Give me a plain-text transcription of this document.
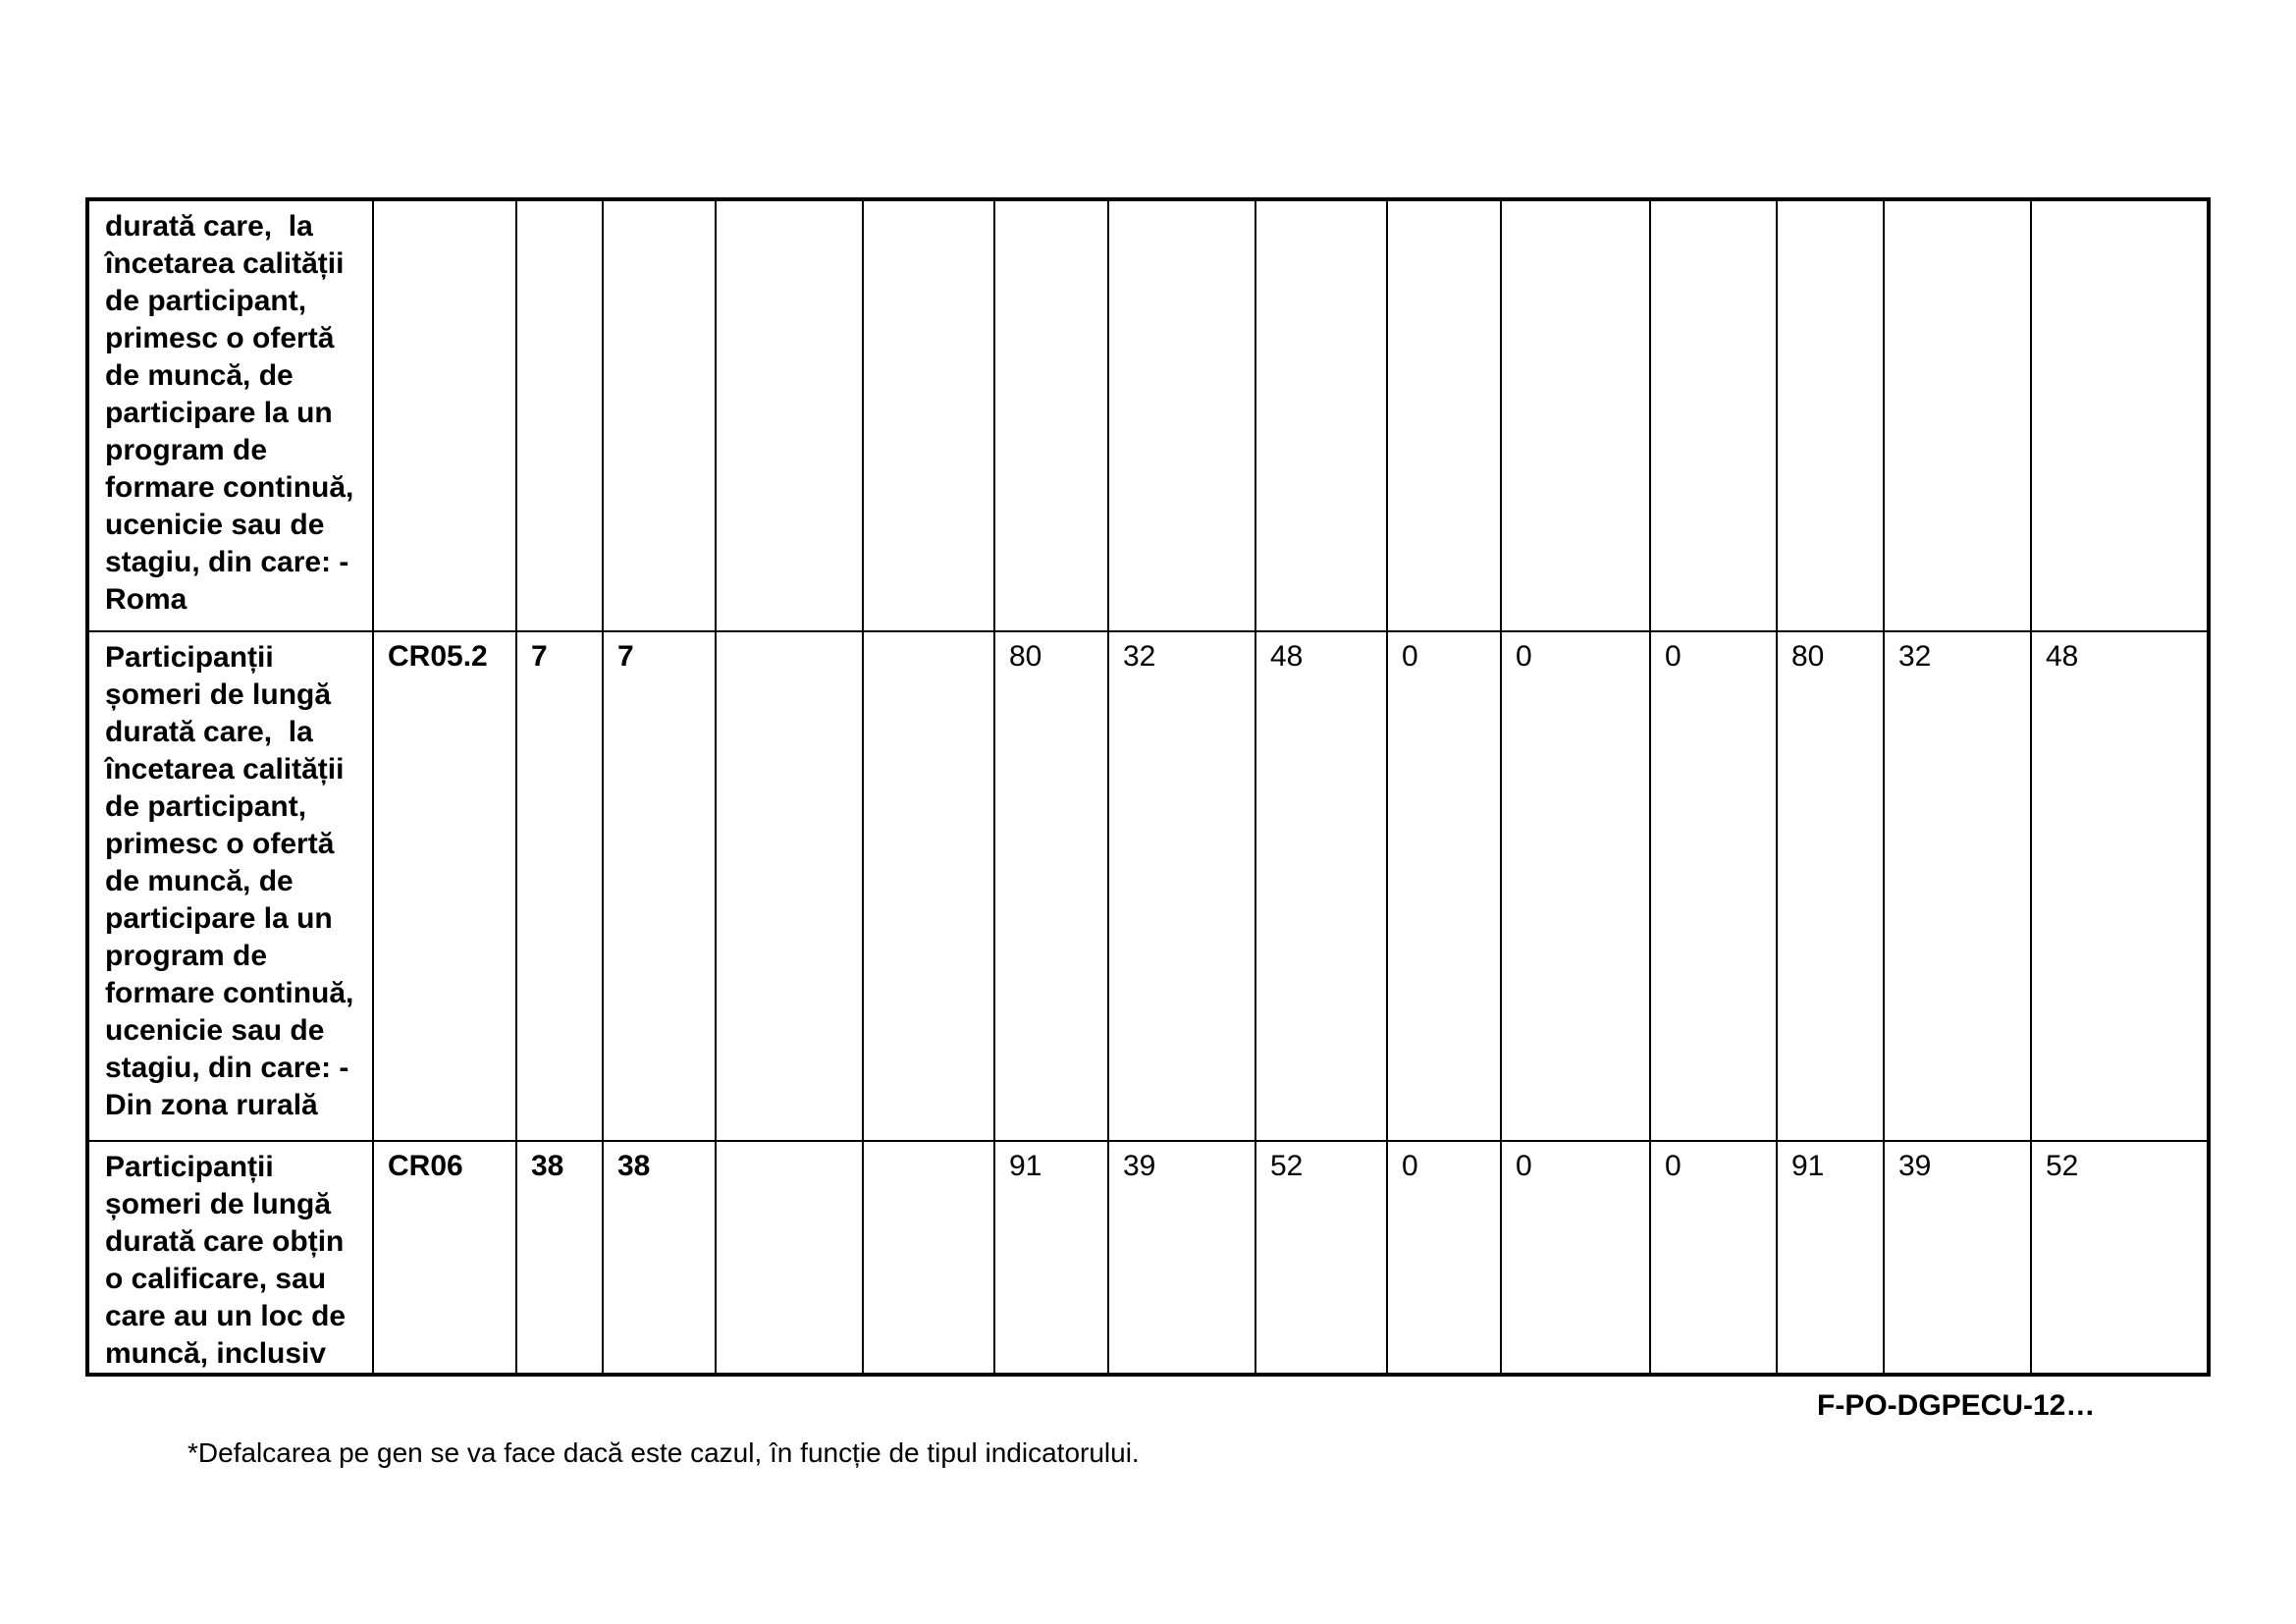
durată care,  la încetarea calității de participant, primesc o ofertă de muncă, de participare la un program de formare continuă, ucenicie sau de stagiu, din care: - Roma														
Participanții șomeri de lungă durată care,  la încetarea calității de participant, primesc o ofertă de muncă, de participare la un program de formare continuă, ucenicie sau de stagiu, din care: - Din zona rurală	CR05.2	7	7			80	32	48	0	0	0	80	32	48
Participanții șomeri de lungă durată care obțin o calificare, sau care au un loc de muncă, inclusiv	CR06	38	38			91	39	52	0	0	0	91	39	52
F-PO-DGPECU-12…
*Defalcarea pe gen se va face dacă este cazul, în funcție de tipul indicatorului.
